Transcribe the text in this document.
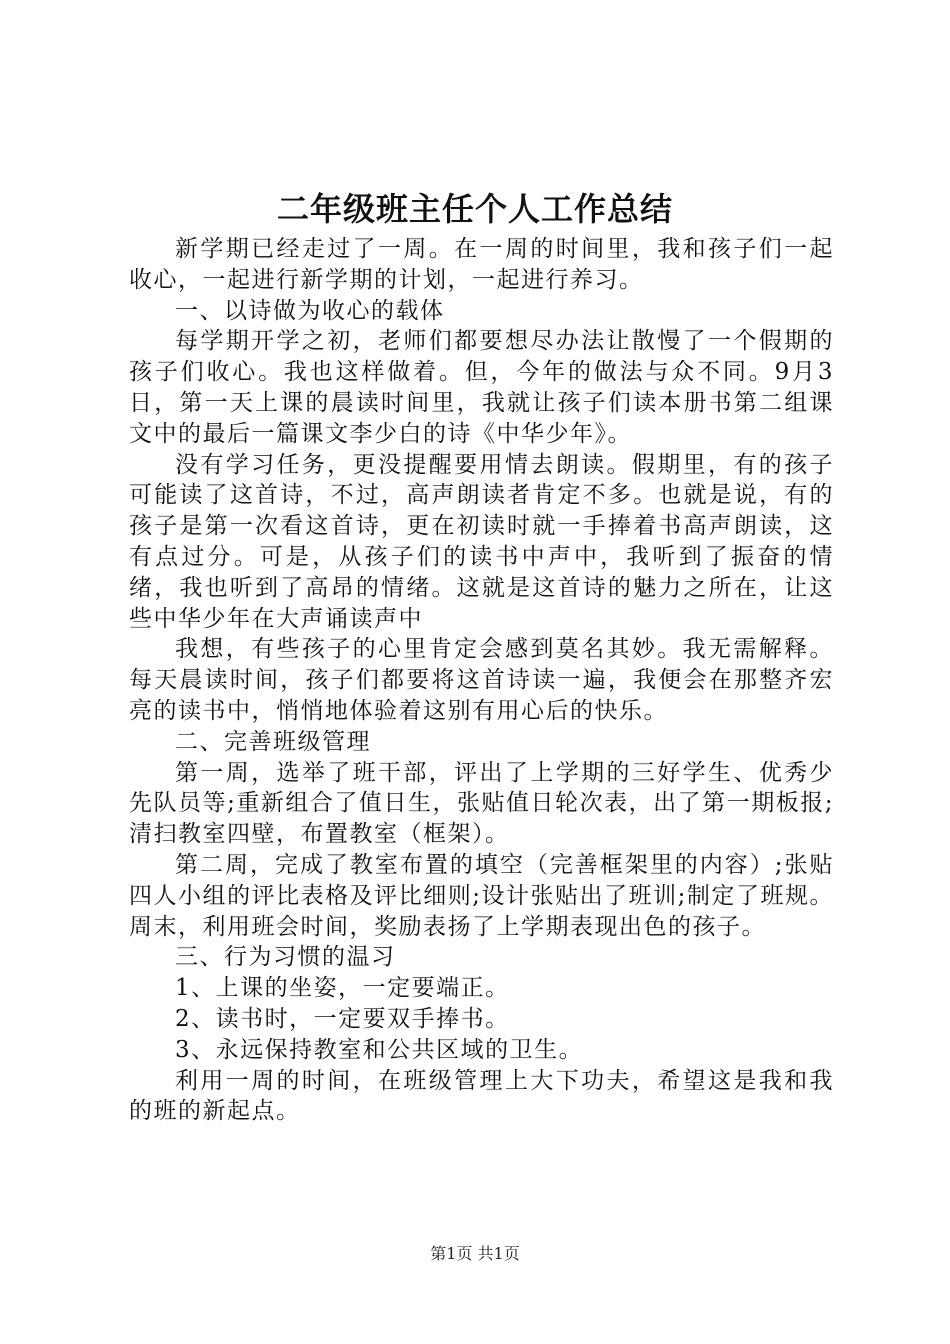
二年级班主任个人工作总结

新学期已经走过了一周。在一周的时间里，我和孩子们一起收心，一起进行新学期的计划，一起进行养习。

一、以诗做为收心的载体

每学期开学之初，老师们都要想尽办法让散慢了一个假期的孩子们收心。我也这样做着。但，今年的做法与众不同。9月3日，第一天上课的晨读时间里，我就让孩子们读本册书第二组课文中的最后一篇课文李少白的诗《中华少年》。

没有学习任务，更没提醒要用情去朗读。假期里，有的孩子可能读了这首诗，不过，高声朗读者肯定不多。也就是说，有的孩子是第一次看这首诗，更在初读时就一手捧着书高声朗读，这有点过分。可是，从孩子们的读书中声中，我听到了振奋的情绪，我也听到了高昂的情绪。这就是这首诗的魅力之所在，让这些中华少年在大声诵读声中

我想，有些孩子的心里肯定会感到莫名其妙。我无需解释。每天晨读时间，孩子们都要将这首诗读一遍，我便会在那整齐宏亮的读书中，悄悄地体验着这别有用心后的快乐。

二、完善班级管理

第一周，选举了班干部，评出了上学期的三好学生、优秀少先队员等;重新组合了值日生，张贴值日轮次表，出了第一期板报;清扫教室四壁，布置教室（框架）。

第二周，完成了教室布置的填空（完善框架里的内容）;张贴四人小组的评比表格及评比细则;设计张贴出了班训;制定了班规。周末，利用班会时间，奖励表扬了上学期表现出色的孩子。

三、行为习惯的温习

1、上课的坐姿，一定要端正。

2、读书时，一定要双手捧书。

3、永远保持教室和公共区域的卫生。

利用一周的时间，在班级管理上大下功夫，希望这是我和我的班的新起点。

第1页 共1页
